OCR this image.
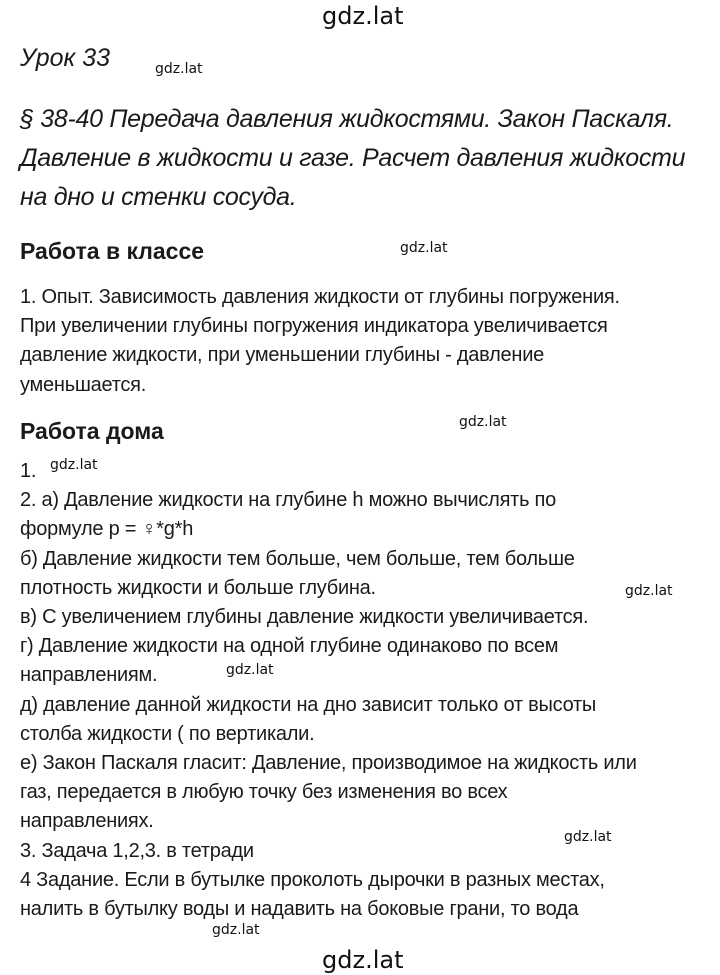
gdz.lat
Урок 33	gdz.lat
§ 38-40 Передача давления жидкостями. Закон Паскаля.
Давление в жидкости и газе. Расчет давления жидкости
на дно и стенки сосуда.
Работа в классе	gdz.lat
1. Опыт. Зависимость давления жидкости от глубины погружения.
При увеличении глубины погружения индикатора увеличивается
давление жидкости, при уменьшении глубины - давление
уменьшается.
Работа дома	gdz.lat
1.
2. а) Давление жидкости на глубине h можно вычислять по
формуле p = ♀*g*h
б) Давление жидкости тем больше, чем больше, тем больше
плотность жидкости и больше глубина.
в) С увеличением глубины давление жидкости увеличивается.
г) Давление жидкости на одной глубине одинаково по всем
направлениям.
д) давление данной жидкости на дно зависит только от высоты
столба жидкости ( по вертикали.
е) Закон Паскаля гласит: Давление, производимое на жидкость или
газ, передается в любую точку без изменения во всех
направлениях.
3. Задача 1,2,3. в тетради
4 Задание. Если в бутылке проколоть дырочки в разных местах,
налить в бутылку воды и надавить на боковые грани, то вода
gdz.lat
gdz.lat
gdz.lat
gdz.lat
gdz.lat
gdz.lat
